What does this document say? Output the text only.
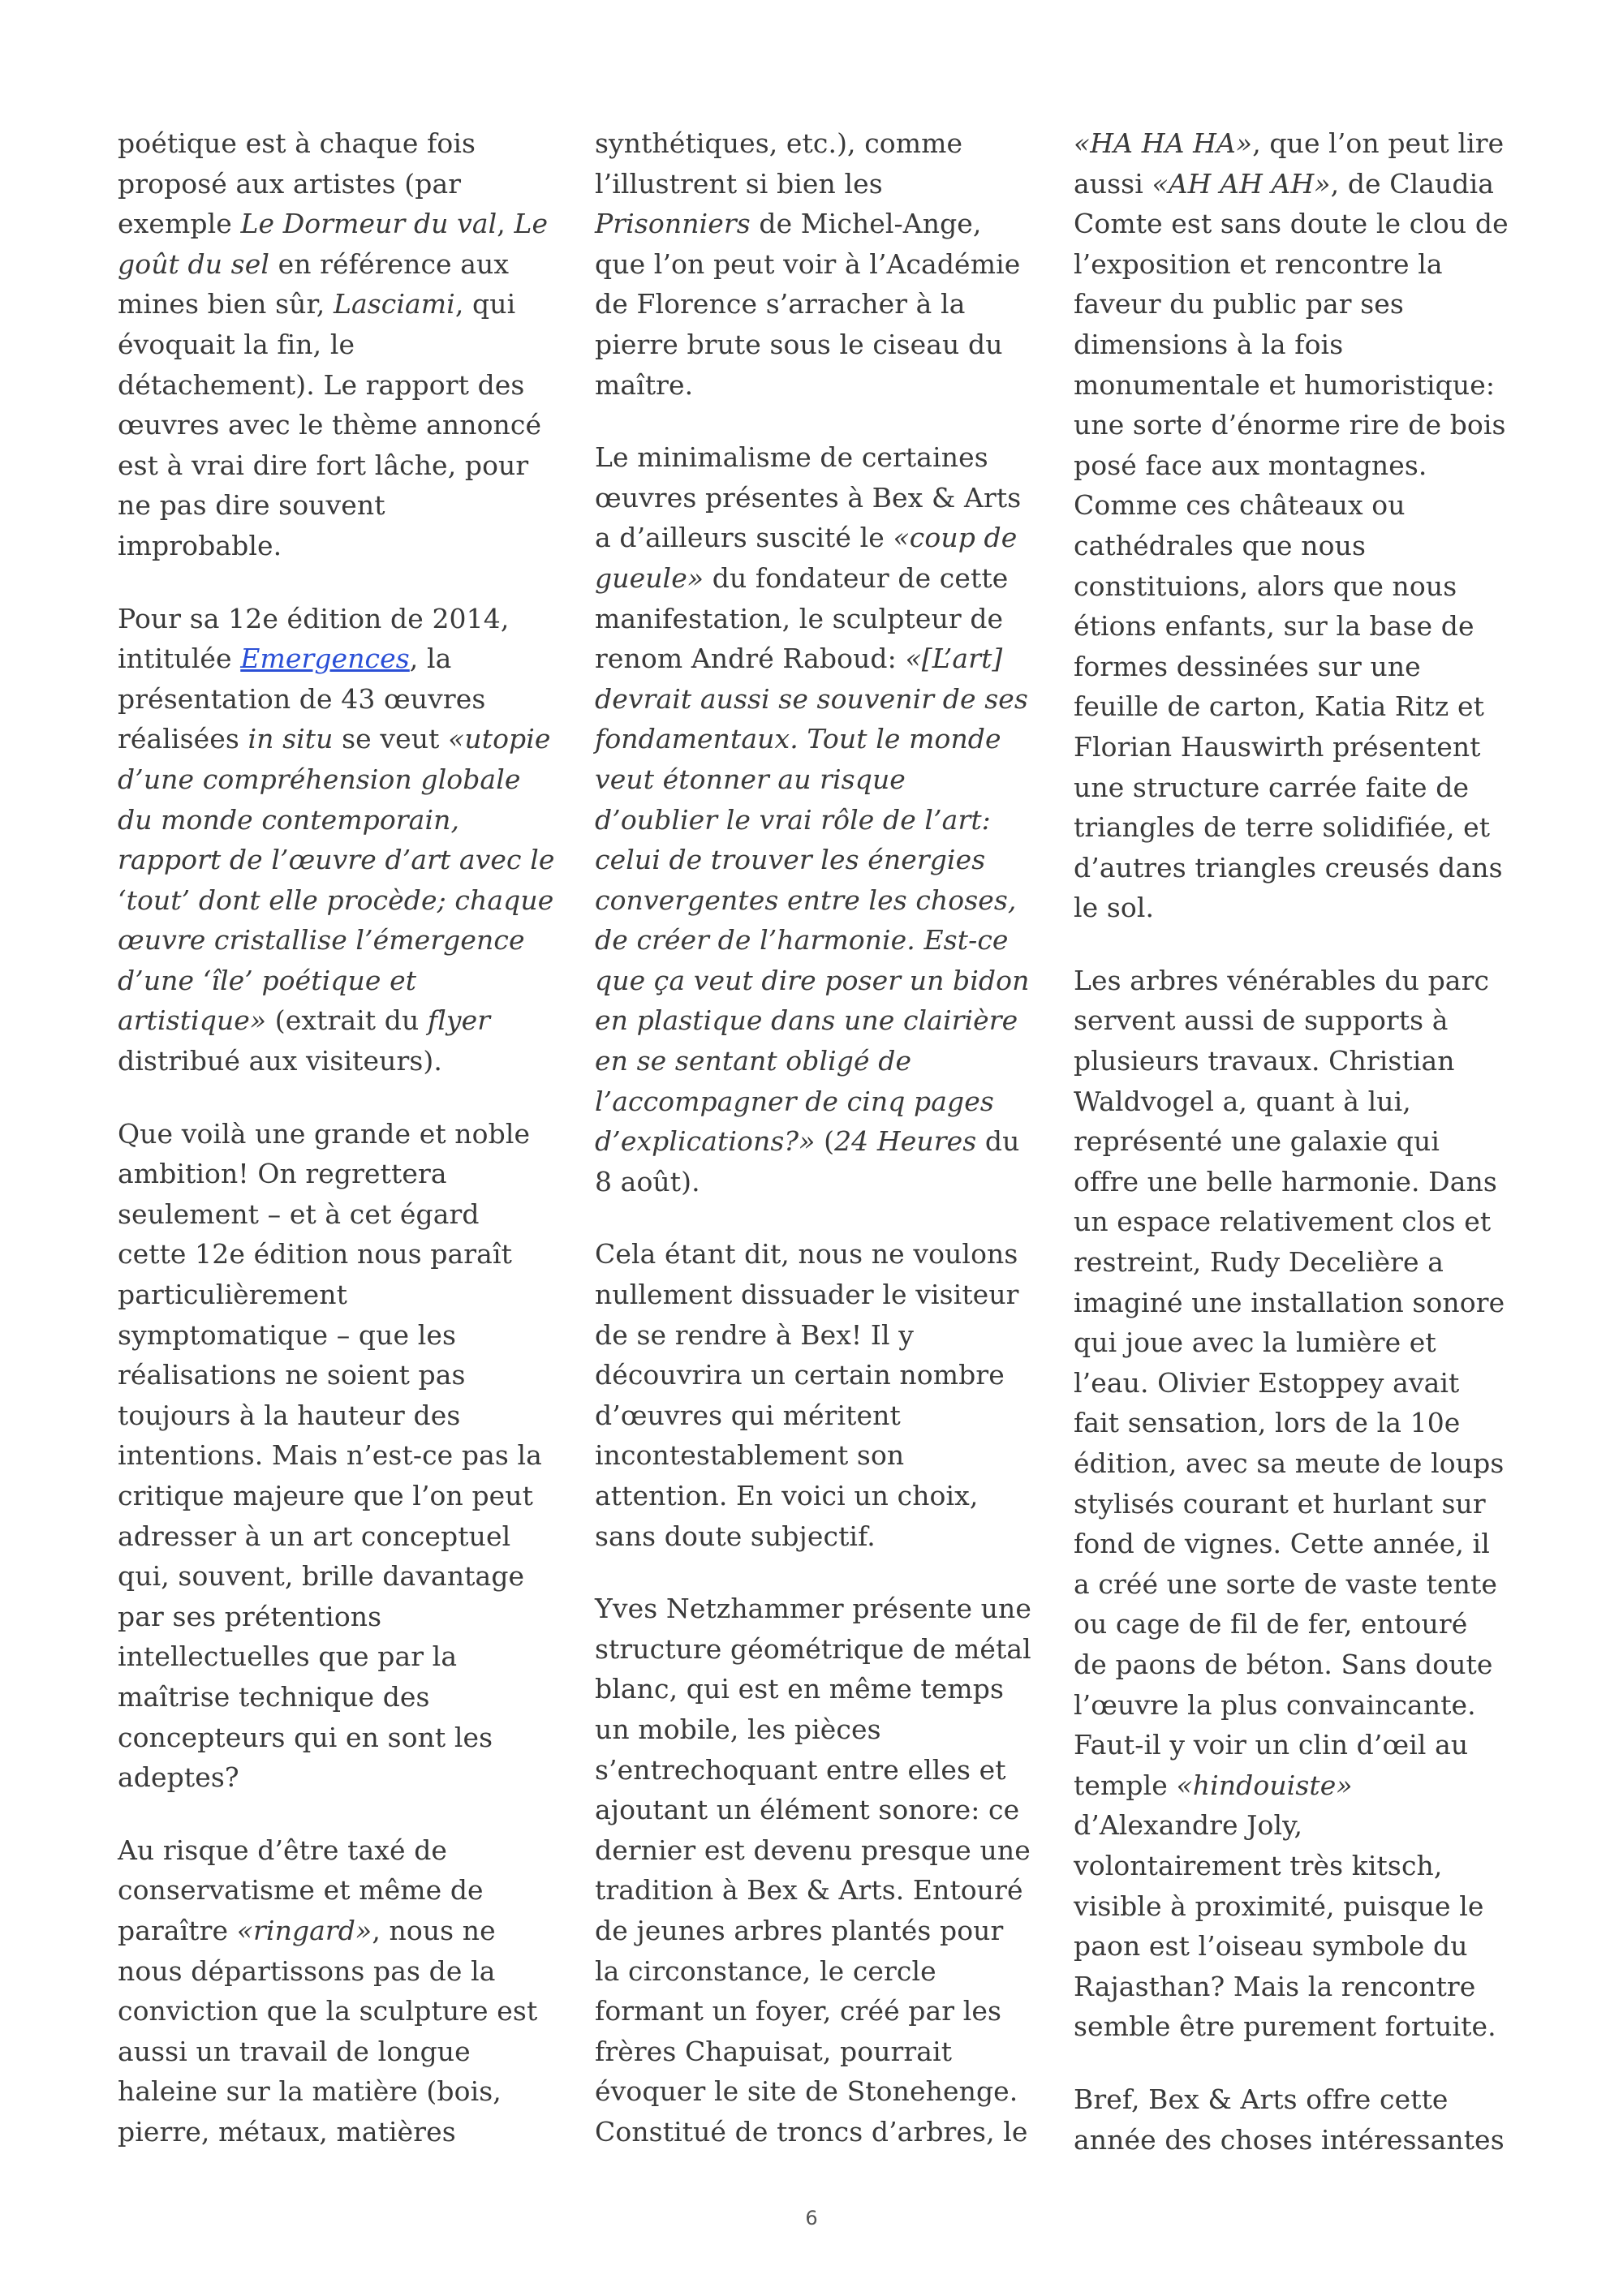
poétique est à chaque fois
proposé aux artistes (par
exemple Le Dormeur du val, Le
goût du sel en référence aux
mines bien sûr, Lasciami, qui
évoquait la fin, le
détachement). Le rapport des
œuvres avec le thème annoncé
est à vrai dire fort lâche, pour
ne pas dire souvent
improbable.

Pour sa 12e édition de 2014,
intitulée Emergences, la
présentation de 43 œuvres
réalisées in situ se veut «utopie
d’une compréhension globale
du monde contemporain,
rapport de l’œuvre d’art avec le
‘tout’ dont elle procède; chaque
œuvre cristallise l’émergence
d’une ‘île’ poétique et
artistique» (extrait du flyer
distribué aux visiteurs).

Que voilà une grande et noble
ambition! On regrettera
seulement – et à cet égard
cette 12e édition nous paraît
particulièrement
symptomatique – que les
réalisations ne soient pas
toujours à la hauteur des
intentions. Mais n’est-ce pas la
critique majeure que l’on peut
adresser à un art conceptuel
qui, souvent, brille davantage
par ses prétentions
intellectuelles que par la
maîtrise technique des
concepteurs qui en sont les
adeptes?

Au risque d’être taxé de
conservatisme et même de
paraître «ringard», nous ne
nous départissons pas de la
conviction que la sculpture est
aussi un travail de longue
haleine sur la matière (bois,
pierre, métaux, matières

synthétiques, etc.), comme
l’illustrent si bien les
Prisonniers de Michel-Ange,
que l’on peut voir à l’Académie
de Florence s’arracher à la
pierre brute sous le ciseau du
maître.

Le minimalisme de certaines
œuvres présentes à Bex & Arts
a d’ailleurs suscité le «coup de
gueule» du fondateur de cette
manifestation, le sculpteur de
renom André Raboud: «[L’art]
devrait aussi se souvenir de ses
fondamentaux. Tout le monde
veut étonner au risque
d’oublier le vrai rôle de l’art:
celui de trouver les énergies
convergentes entre les choses,
de créer de l’harmonie. Est-ce
que ça veut dire poser un bidon
en plastique dans une clairière
en se sentant obligé de
l’accompagner de cinq pages
d’explications?» (24 Heures du
8 août).

Cela étant dit, nous ne voulons
nullement dissuader le visiteur
de se rendre à Bex! Il y
découvrira un certain nombre
d’œuvres qui méritent
incontestablement son
attention. En voici un choix,
sans doute subjectif.

Yves Netzhammer présente une
structure géométrique de métal
blanc, qui est en même temps
un mobile, les pièces
s’entrechoquant entre elles et
ajoutant un élément sonore: ce
dernier est devenu presque une
tradition à Bex & Arts. Entouré
de jeunes arbres plantés pour
la circonstance, le cercle
formant un foyer, créé par les
frères Chapuisat, pourrait
évoquer le site de Stonehenge.
Constitué de troncs d’arbres, le

«HA HA HA», que l’on peut lire
aussi «AH AH AH», de Claudia
Comte est sans doute le clou de
l’exposition et rencontre la
faveur du public par ses
dimensions à la fois
monumentale et humoristique:
une sorte d’énorme rire de bois
posé face aux montagnes.
Comme ces châteaux ou
cathédrales que nous
constituions, alors que nous
étions enfants, sur la base de
formes dessinées sur une
feuille de carton, Katia Ritz et
Florian Hauswirth présentent
une structure carrée faite de
triangles de terre solidifiée, et
d’autres triangles creusés dans
le sol.

Les arbres vénérables du parc
servent aussi de supports à
plusieurs travaux. Christian
Waldvogel a, quant à lui,
représenté une galaxie qui
offre une belle harmonie. Dans
un espace relativement clos et
restreint, Rudy Decelière a
imaginé une installation sonore
qui joue avec la lumière et
l’eau. Olivier Estoppey avait
fait sensation, lors de la 10e
édition, avec sa meute de loups
stylisés courant et hurlant sur
fond de vignes. Cette année, il
a créé une sorte de vaste tente
ou cage de fil de fer, entouré
de paons de béton. Sans doute
l’œuvre la plus convaincante.
Faut-il y voir un clin d’œil au
temple «hindouiste»
d’Alexandre Joly,
volontairement très kitsch,
visible à proximité, puisque le
paon est l’oiseau symbole du
Rajasthan? Mais la rencontre
semble être purement fortuite.

Bref, Bex & Arts offre cette
année des choses intéressantes

6
